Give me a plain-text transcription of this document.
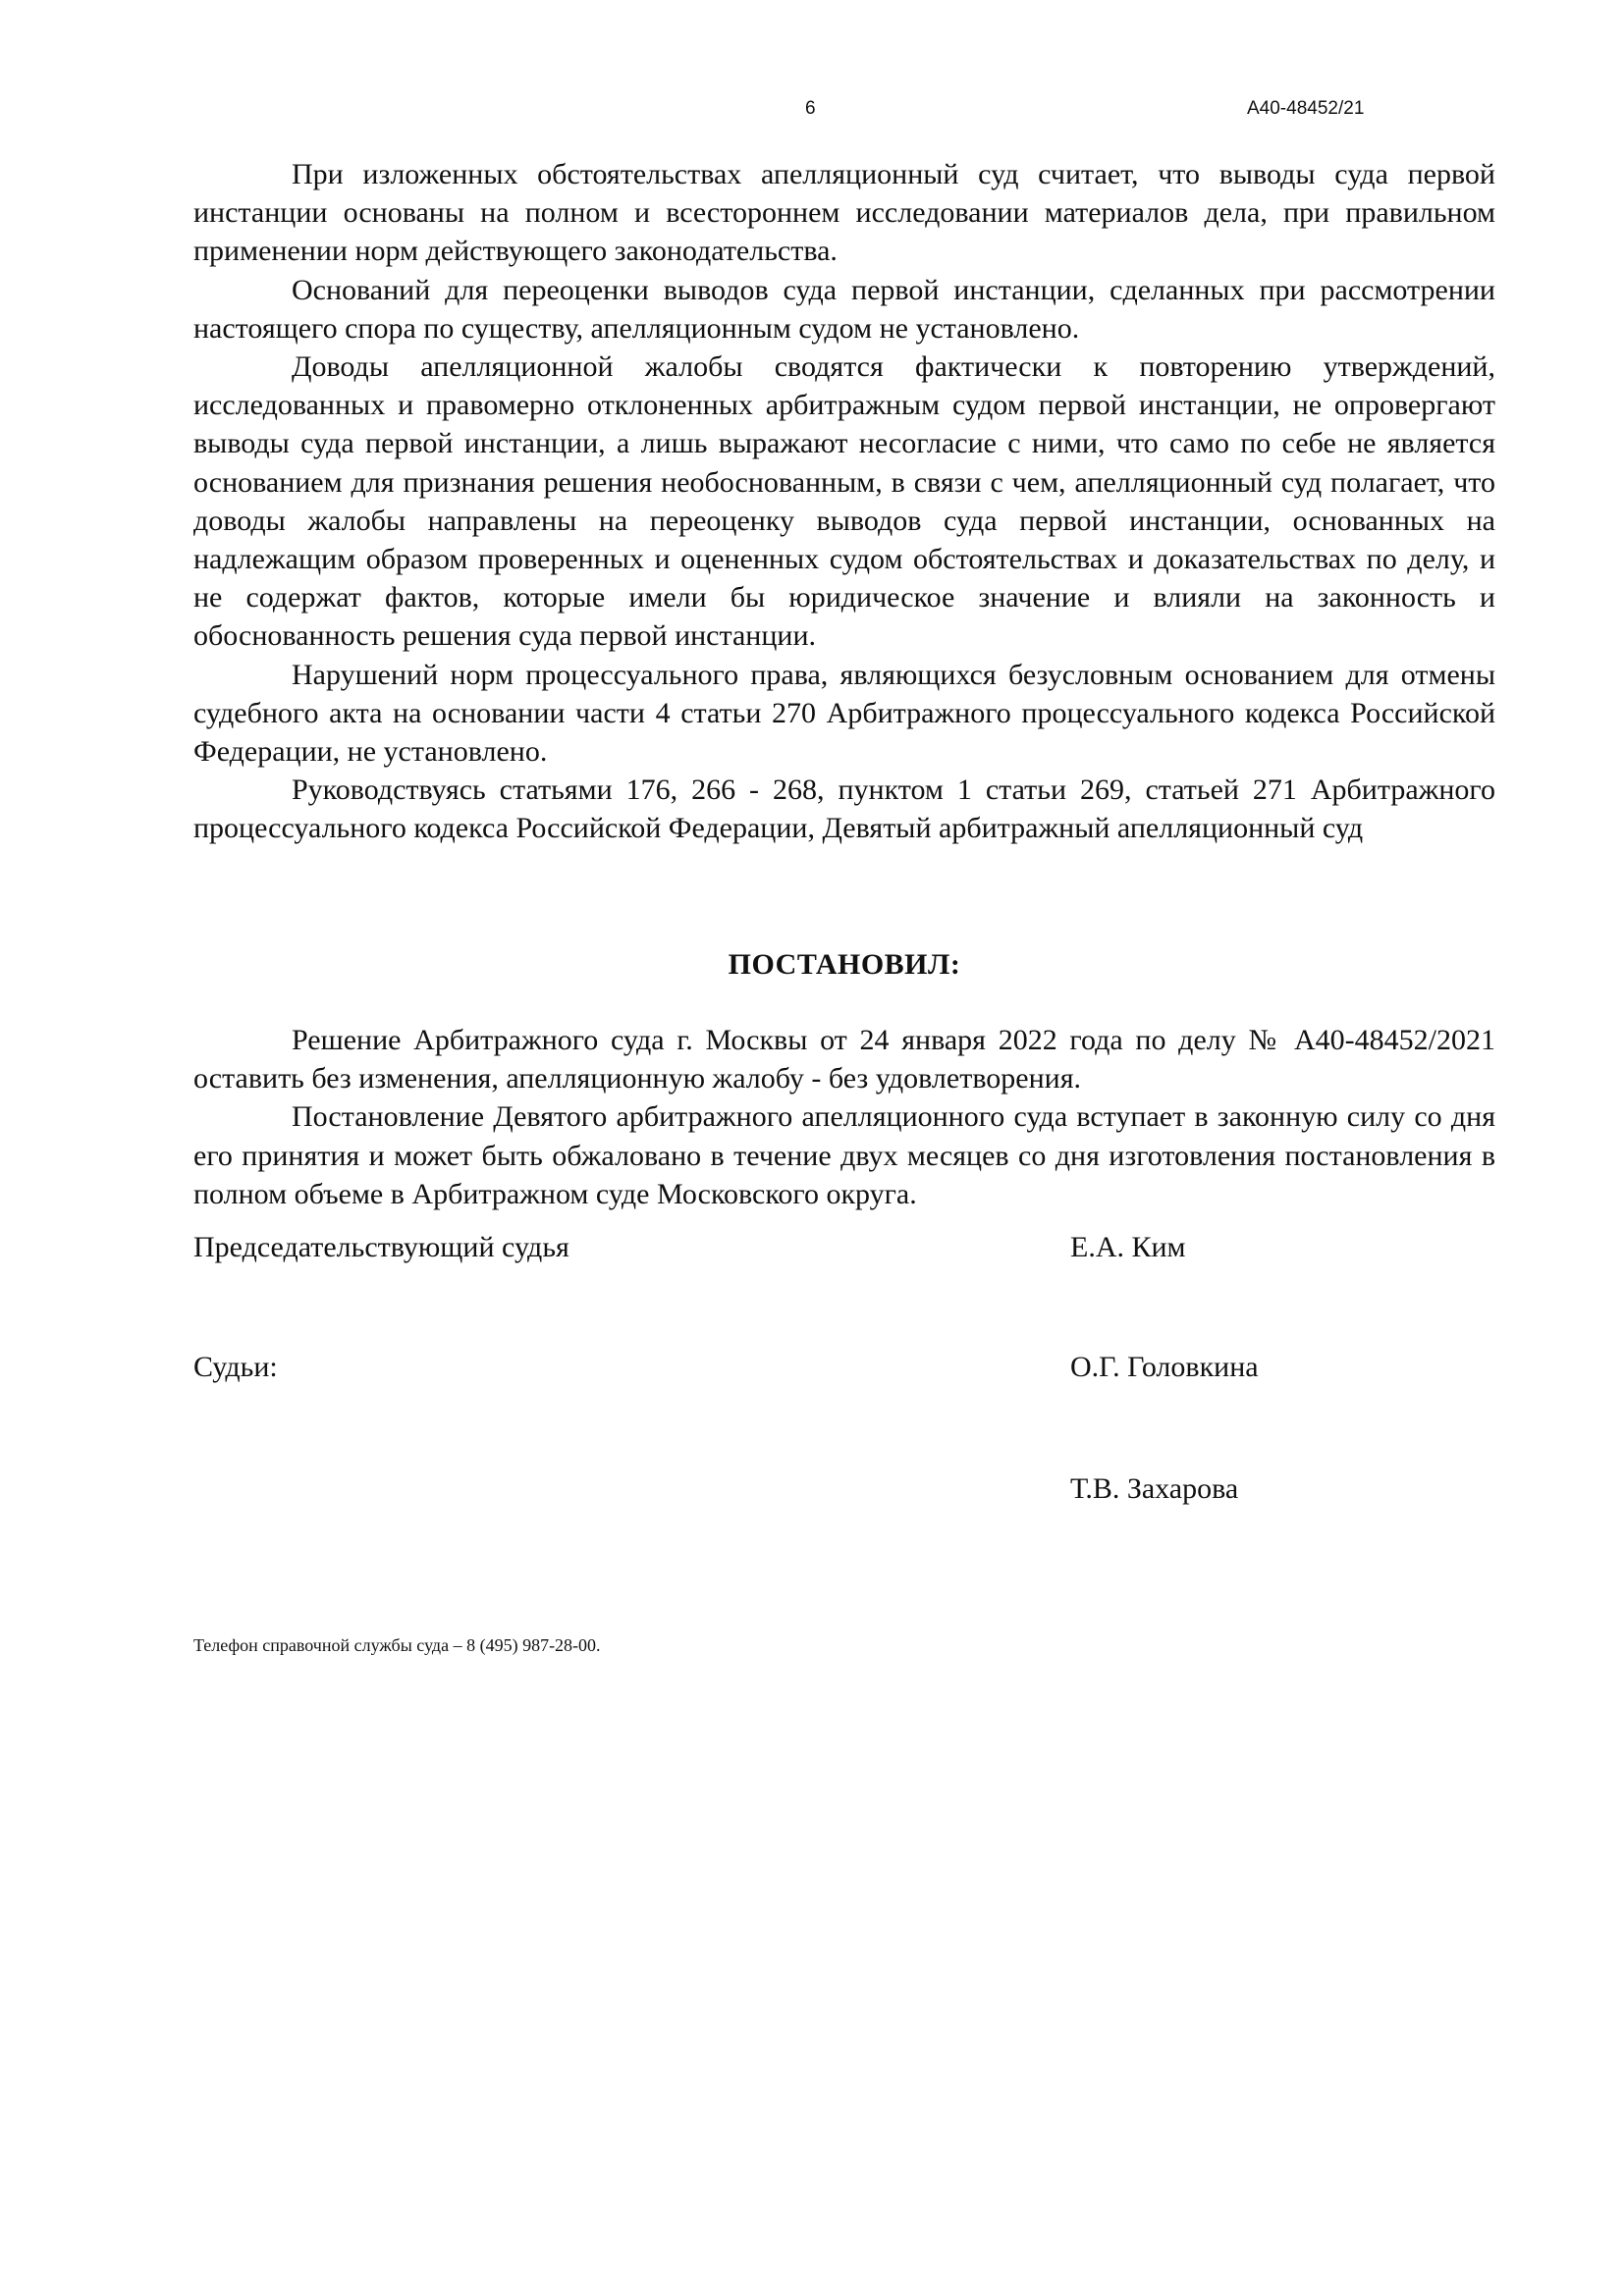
6	А40-48452/21

При изложенных обстоятельствах апелляционный суд считает, что выводы суда первой инстанции основаны на полном и всестороннем исследовании материалов дела, при правильном применении норм действующего законодательства.

Оснований для переоценки выводов суда первой инстанции, сделанных при рассмотрении настоящего спора по существу, апелляционным судом не установлено.

Доводы апелляционной жалобы сводятся фактически к повторению утверждений, исследованных и правомерно отклоненных арбитражным судом первой инстанции, не опровергают выводы суда первой инстанции, а лишь выражают несогласие с ними, что само по себе не является основанием для признания решения необоснованным, в связи с чем, апелляционный суд полагает, что доводы жалобы направлены на переоценку выводов суда первой инстанции, основанных на надлежащим образом проверенных и оцененных судом обстоятельствах и доказательствах по делу, и не содержат фактов, которые имели бы юридическое значение и влияли на законность и обоснованность решения суда первой инстанции.

Нарушений норм процессуального права, являющихся безусловным основанием для отмены судебного акта на основании части 4 статьи 270 Арбитражного процессуального кодекса Российской Федерации, не установлено.

Руководствуясь статьями 176, 266 - 268, пунктом 1 статьи 269, статьей 271 Арбитражного процессуального кодекса Российской Федерации, Девятый арбитражный апелляционный суд

ПОСТАНОВИЛ:

Решение Арбитражного суда г. Москвы от 24 января 2022 года по делу № А40-48452/2021 оставить без изменения, апелляционную жалобу - без удовлетворения.

Постановление Девятого арбитражного апелляционного суда вступает в законную силу со дня его принятия и может быть обжаловано в течение двух месяцев со дня изготовления постановления в полном объеме в Арбитражном суде Московского округа.

Председательствующий судья	Е.А. Ким
Судьи:	О.Г. Головкина
Т.В. Захарова
Телефон справочной службы суда – 8 (495) 987-28-00.
